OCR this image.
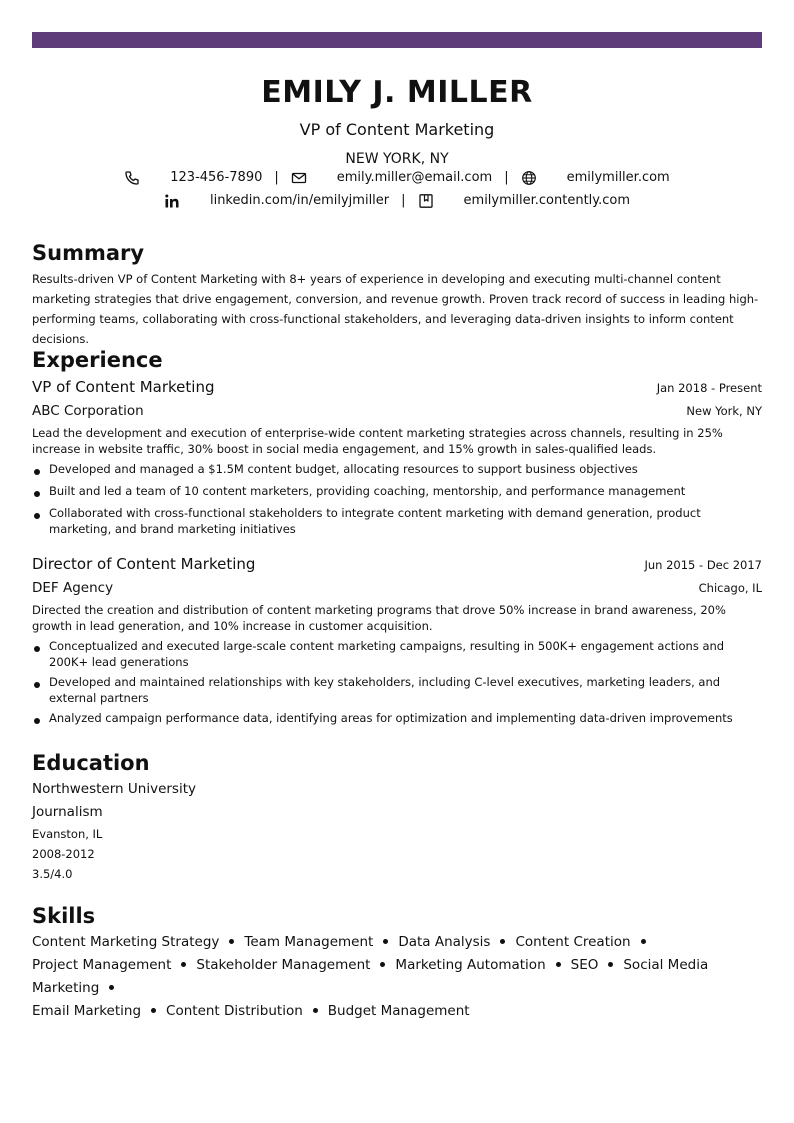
EMILY J. MILLER
VP of Content Marketing
NEW YORK, NY
123-456-7890 |	emily.miller@email.com |	emilymiller.com
linkedin.com/in/emilyjmiller |	emilymiller.contently.com
Summary
Results-driven VP of Content Marketing with 8+ years of experience in developing and executing multi-channel content marketing strategies that drive engagement, conversion, and revenue growth. Proven track record of success in leading high-performing teams, collaborating with cross-functional stakeholders, and leveraging data-driven insights to inform content decisions.
Experience
VP of Content Marketing	Jan 2018 - Present
ABC Corporation	New York, NY
Lead the development and execution of enterprise-wide content marketing strategies across channels, resulting in 25% increase in website traffic, 30% boost in social media engagement, and 15% growth in sales-qualified leads.
Developed and managed a $1.5M content budget, allocating resources to support business objectives
Built and led a team of 10 content marketers, providing coaching, mentorship, and performance management
Collaborated with cross-functional stakeholders to integrate content marketing with demand generation, product marketing, and brand marketing initiatives
Director of Content Marketing	Jun 2015 - Dec 2017
DEF Agency	Chicago, IL
Directed the creation and distribution of content marketing programs that drove 50% increase in brand awareness, 20% growth in lead generation, and 10% increase in customer acquisition.
Conceptualized and executed large-scale content marketing campaigns, resulting in 500K+ engagement actions and 200K+ lead generations
Developed and maintained relationships with key stakeholders, including C-level executives, marketing leaders, and external partners
Analyzed campaign performance data, identifying areas for optimization and implementing data-driven improvements
Education
Northwestern University
Journalism
Evanston, IL
2008-2012
3.5/4.0
Skills
Content Marketing Strategy Team Management Data Analysis Content Creation
Project Management Stakeholder Management Marketing Automation SEO Social Media Marketing
Email Marketing Content Distribution Budget Management
